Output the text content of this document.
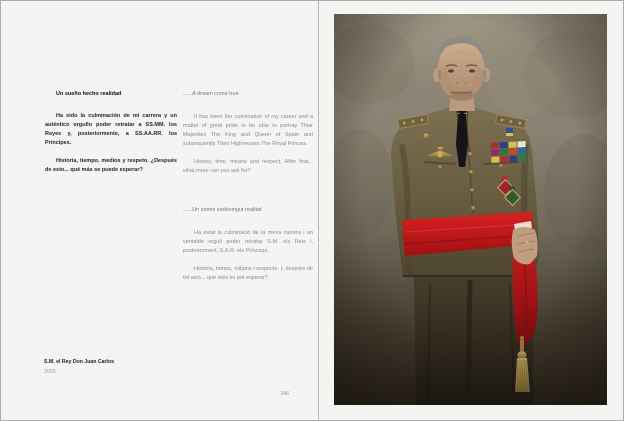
Un sueño hecho realidad

Ha sido la culminación de mi carrera y un auténtico orgullo poder retratar a SS.MM. los Reyes y, posteriormente, a SS.AA.RR. los Príncipes.

Historia, tiempo, medios y respeto. ¿Después de esto... qué más se puede esperar?

......A dream come true

It has been the culmination of my career and a matter of great pride to be able to portray Their Majesties The King and Queen of Spain and subsequently Their Highnesses The Royal Princes.

History, time, means and respect. After that... what more can you ask for?

......Un somni esdevingut realitat

Ha estat la culminació de la meva carrera i un veritable orgull poder retratar S.M. els Reis i, posteriorment, S.A.R. els Prínceps.

Història, temps, mitjans i respecte. I, després de tot això... què més es pot esperar?

S.M. el Rey Don Juan Carlos
2005
146
